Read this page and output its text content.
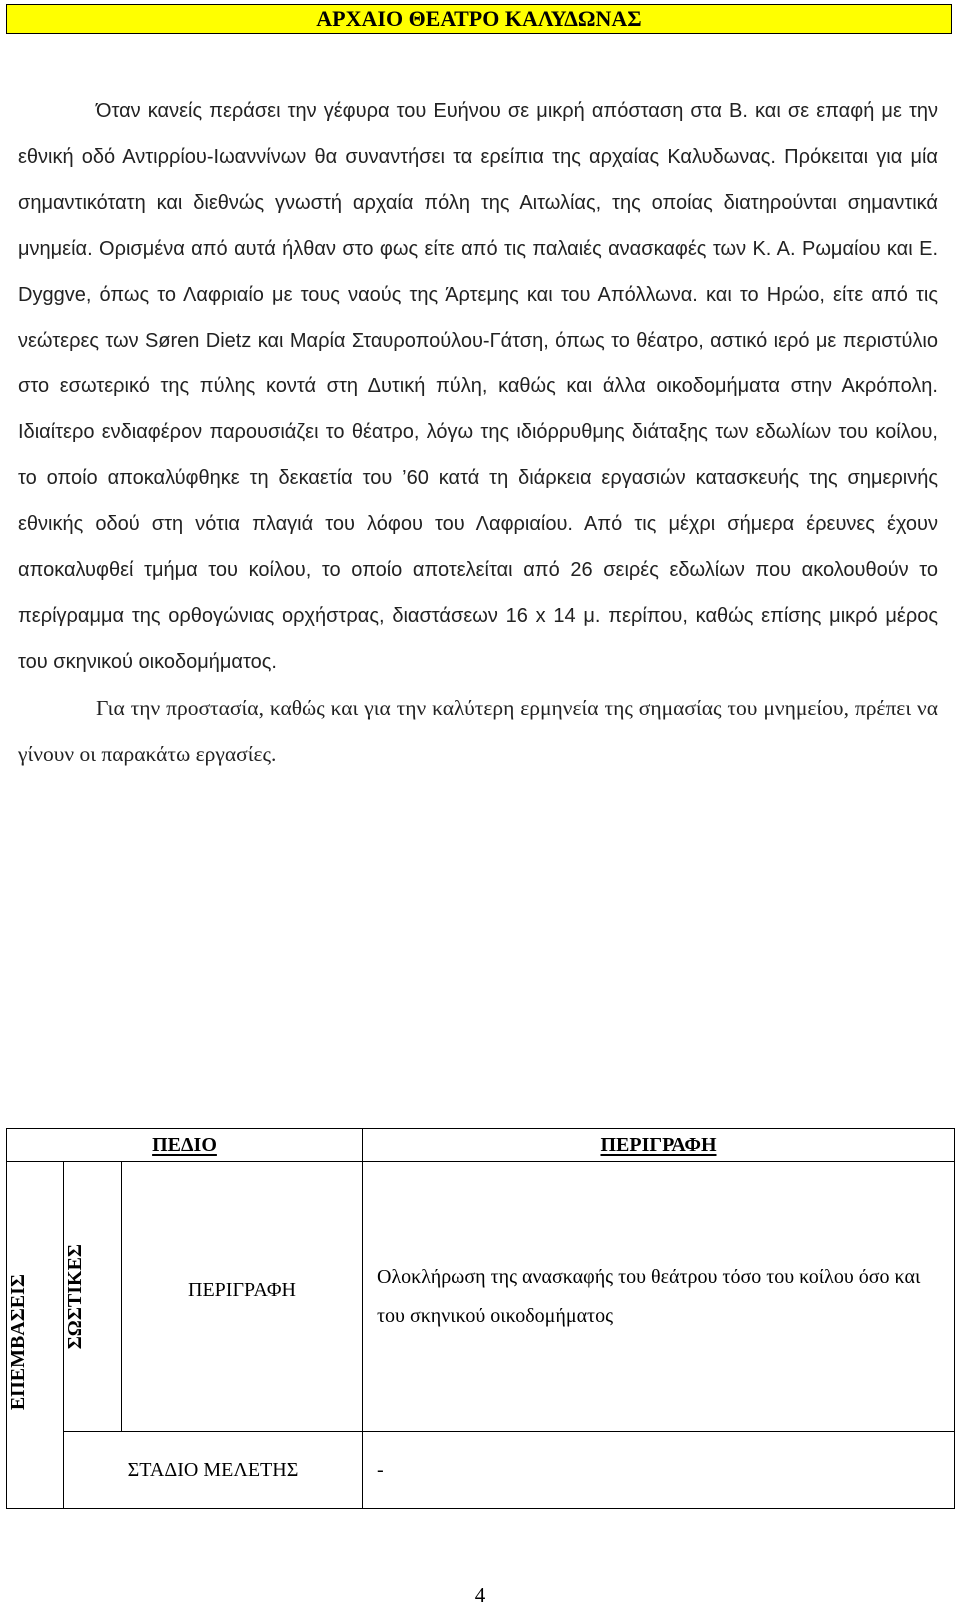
ΑΡΧΑΙΟ ΘΕΑΤΡΟ ΚΑΛΥΔΩΝΑΣ

Όταν κανείς περάσει την γέφυρα του Ευήνου σε μικρή απόσταση στα Β. και σε επαφή με την εθνική οδό Αντιρρίου-Ιωαννίνων θα συναντήσει τα ερείπια της αρχαίας Καλυδωνας. Πρόκειται για μία σημαντικότατη και διεθνώς γνωστή αρχαία πόλη της Αιτωλίας, της οποίας διατηρούνται σημαντικά μνημεία. Ορισμένα από αυτά ήλθαν στο φως είτε από τις παλαιές ανασκαφές των Κ. Α. Ρωμαίου και Ε. Dyggve, όπως το Λαφριαίο με τους ναούς της Άρτεμης και του Απόλλωνα. και το Ηρώο, είτε από τις νεώτερες των Søren Dietz και Μαρία Σταυροπούλου-Γάτση, όπως το θέατρο, αστικό ιερό με περιστύλιο στο εσωτερικό της πύλης κοντά στη Δυτική πύλη, καθώς και άλλα οικοδομήματα στην Ακρόπολη. Ιδιαίτερο ενδιαφέρον παρουσιάζει το θέατρο, λόγω της ιδιόρρυθμης διάταξης των εδωλίων του κοίλου, το οποίο αποκαλύφθηκε τη δεκαετία του ’60 κατά τη διάρκεια εργασιών κατασκευής της σημερινής εθνικής οδού στη νότια πλαγιά του λόφου του Λαφριαίου. Από τις μέχρι σήμερα έρευνες έχουν αποκαλυφθεί τμήμα του κοίλου, το οποίο αποτελείται από 26 σειρές εδωλίων που ακολουθούν το περίγραμμα της ορθογώνιας ορχήστρας, διαστάσεων 16 x 14 μ. περίπου, καθώς επίσης μικρό μέρος του σκηνικού οικοδομήματος.

Για την προστασία, καθώς και για την καλύτερη ερμηνεία της σημασίας του μνημείου, πρέπει να γίνουν οι παρακάτω εργασίες.

ΠΕΔΙΟ			ΠΕΡΙΓΡΑΦΗ

ΕΠΕΜΒΑΣΕΙΣ	ΣΩΣΤΙΚΕΣ	ΠΕΡΙΓΡΑΦΗ	Ολοκλήρωση της ανασκαφής του θεάτρου τόσο του κοίλου όσο και του σκηνικού οικοδομήματος
	ΣΤΑΔΙΟ ΜΕΛΕΤΗΣ		-
4
